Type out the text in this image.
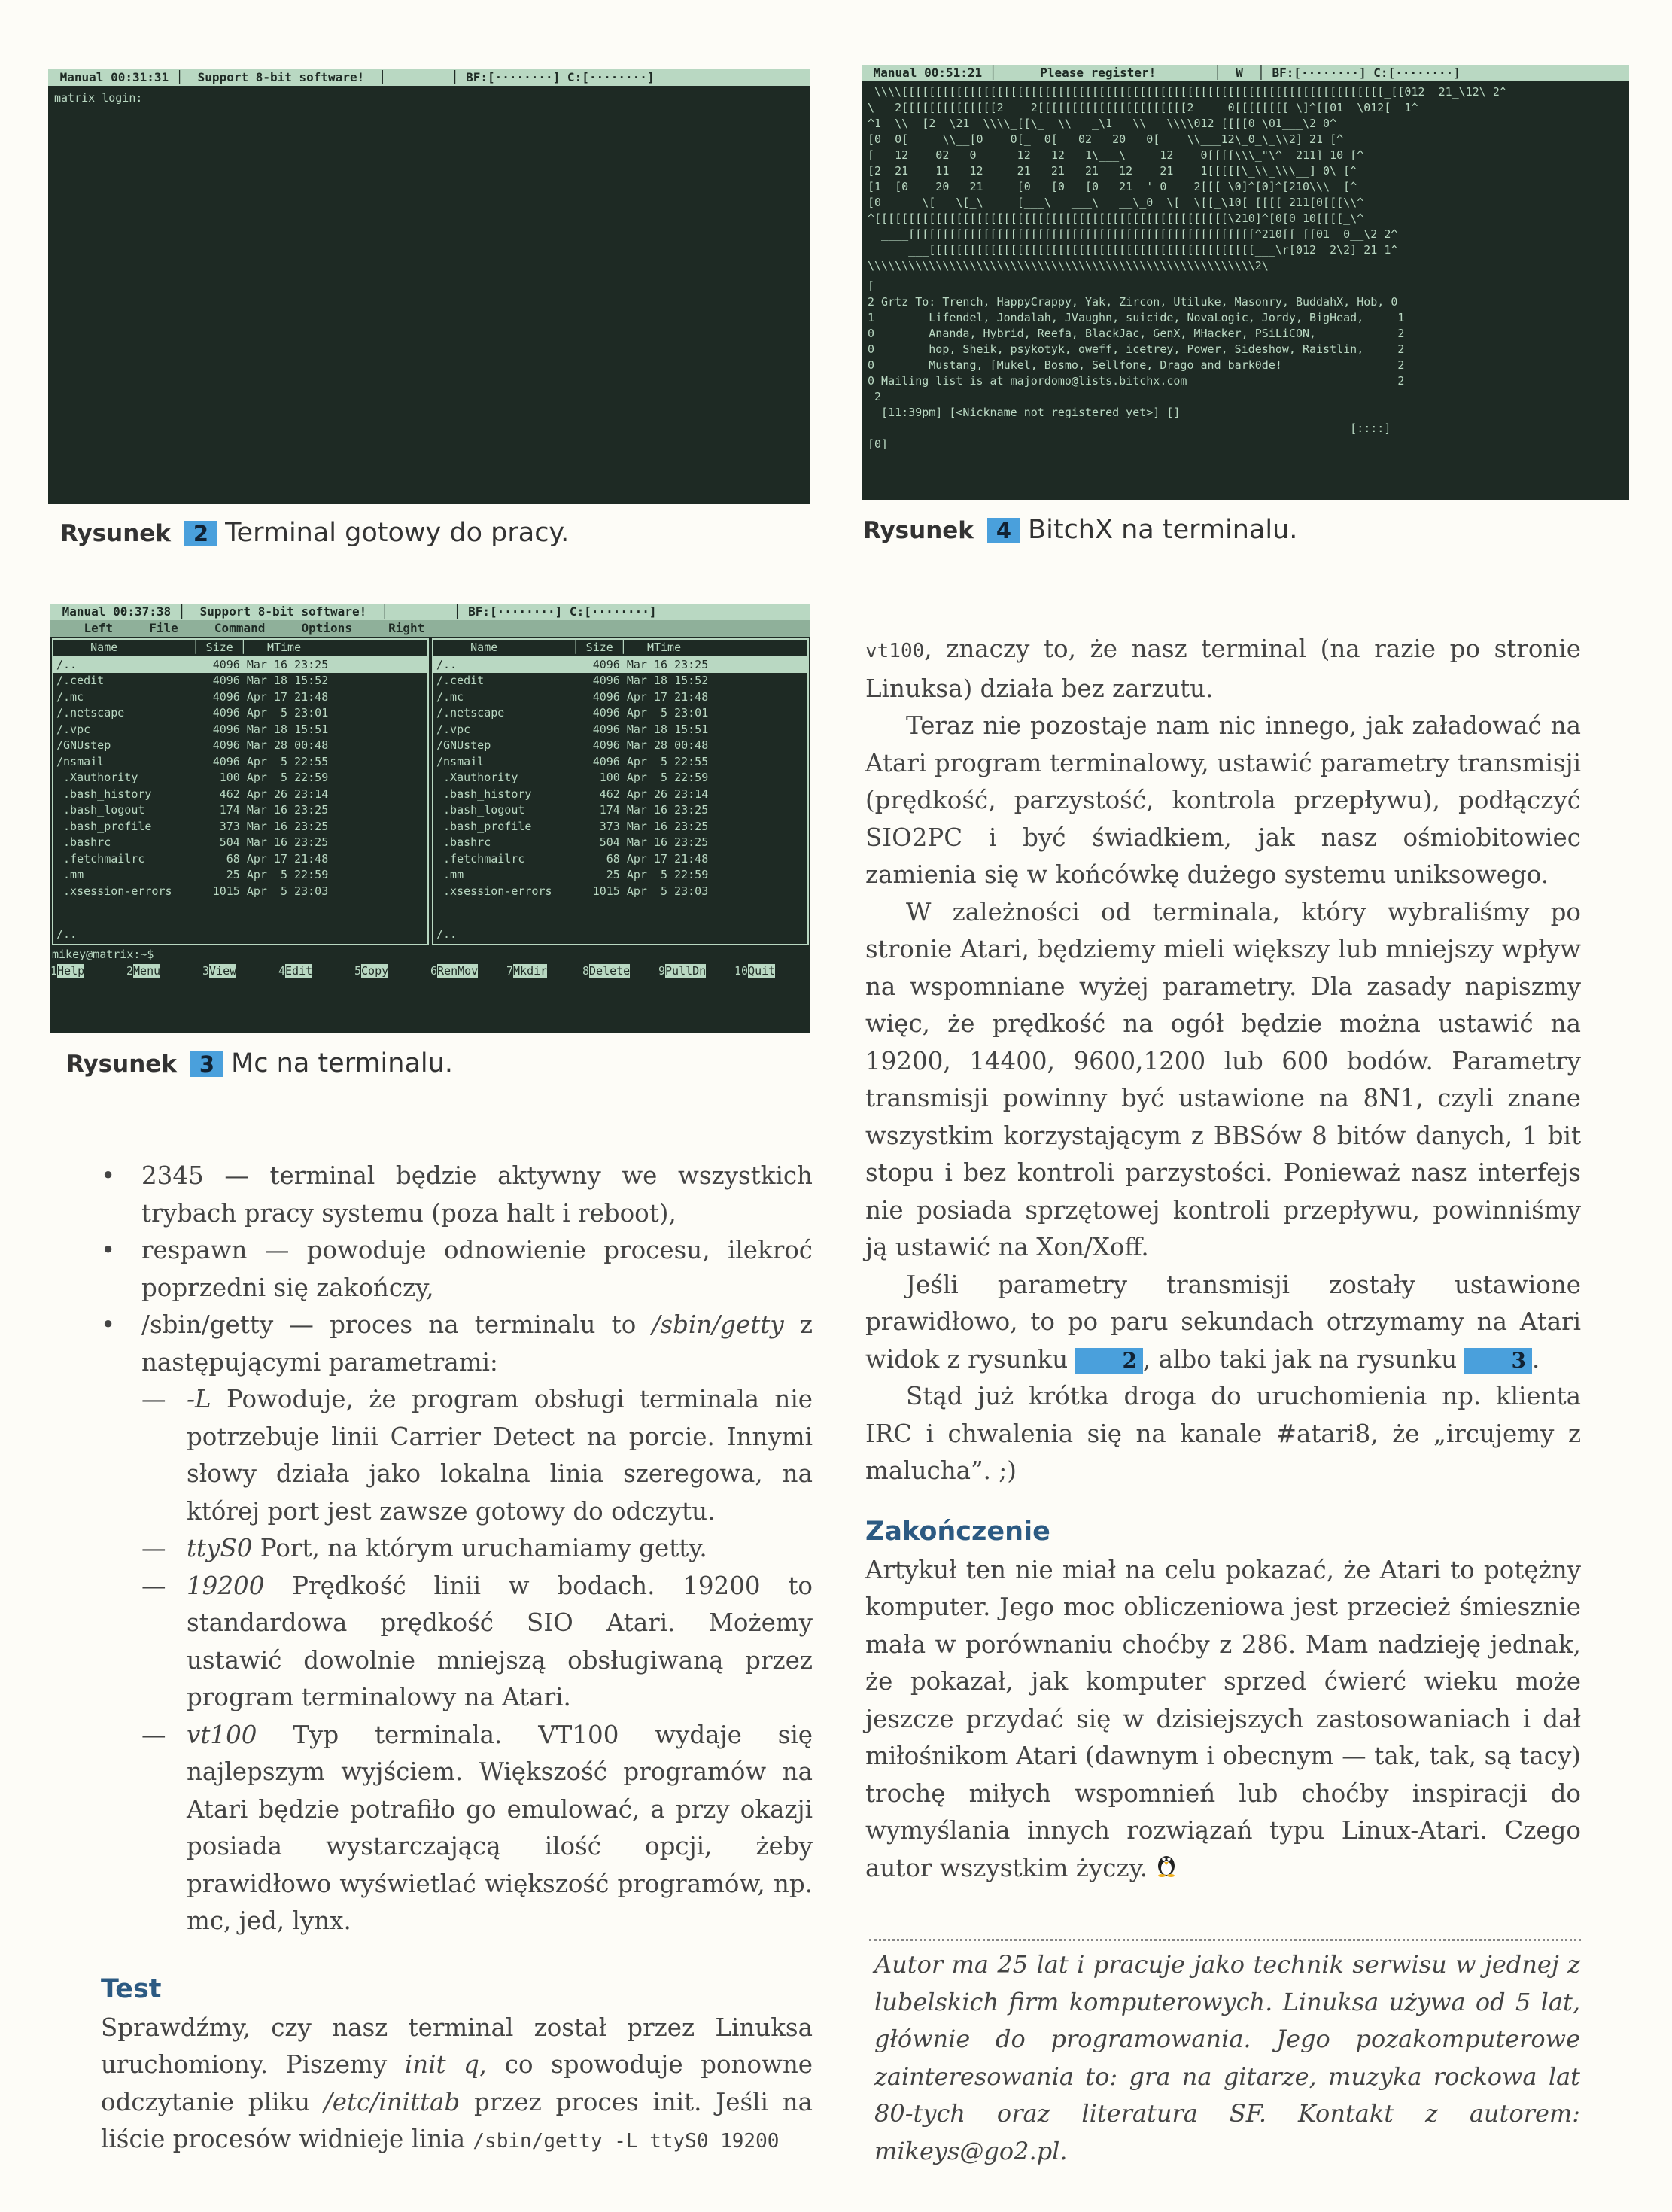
Manual 00:31:31 │  Support 8-bit software!  │         │ BF:[········] C:[········]
matrix login:
Rysunek 2 Terminal gotowy do pracy.
Manual 00:51:21 │      Please register!        │  W  │ BF:[········] C:[········]
\\\\[[[[[[[[[[[[[[[[[[[[[[[[[[[[[[[[[[[[[[[[[[[[[[[[[[[[[[[[[[[[[[[[[[[[[[[_[[012  21_\12\ 2^
\_  2[[[[[[[[[[[[[[2_   2[[[[[[[[[[[[[[[[[[[[[[2_    0[[[[[[[[_\]^[[01  \012[_ 1^
^1  \\  [2  \21  \\\\_[[\_  \\   _\1   \\   \\\\012 [[[[0 \01___\2 0^
[0  0[     \\__[0    0[_  0[   02   20   0[    \\___12\_0_\_\\2] 21 [^
[   12    02   0      12   12   1\___\     12    0[[[[\\\_"\^  211] 10 [^
[2  21    11   12     21   21   21   12    21    1[[[[[\_\\_\\\__] 0\ [^
[1  [0    20   21     [0   [0   [0   21  ' 0    2[[[_\0]^[0]^[210\\\_ [^
[0      \[   \[_\     [___\   ___\   __\_0  \[  \[[_\10[ [[[[ 211[0[[[\\^
^[[[[[[[[[[[[[[[[[[[[[[[[[[[[[[[[[[[[[[[[[[[[[[[[[[[[\210]^[0[0 10[[[[_\^
____[[[[[[[[[[[[[[[[[[[[[[[[[[[[[[[[[[[[[[[[[[[[[[[[[[[^210[[ [[01  0__\2 2^
___[[[[[[[[[[[[[[[[[[[[[[[[[[[[[[[[[[[[[[[[[[[[[[[[___\r[012  2\2] 21 1^
\\\\\\\\\\\\\\\\\\\\\\\\\\\\\\\\\\\\\\\\\\\\\\\\\\\\\\\\\2\
[
2 Grtz To: Trench, HappyCrappy, Yak, Zircon, Utiluke, Masonry, BuddahX, Hob, 0
1        Lifendel, Jondalah, JVaughn, suicide, NovaLogic, Jordy, BigHead,     1
0        Ananda, Hybrid, Reefa, BlackJac, GenX, MHacker, PSiLiCON,            2
0        hop, Sheik, psykotyk, oweff, icetrey, Power, Sideshow, Raistlin,     2
0        Mustang, [Mukel, Bosmo, Sellfone, Drago and bark0de!                 2
0 Mailing list is at majordomo@lists.bitchx.com                               2
_2_____________________________________________________________________________
[11:39pm] [<Nickname not registered yet>] []
[::::]
[0]
Rysunek 4 BitchX na terminalu.
Manual 00:37:38 │  Support 8-bit software!  │         │ BF:[········] C:[········]
Left     File     Command     Options     Right
Name           │ Size │   MTime
/..                    4096 Mar 16 23:25
/.cedit                4096 Mar 18 15:52
/.mc                   4096 Apr 17 21:48
/.netscape             4096 Apr  5 23:01
/.vpc                  4096 Mar 18 15:51
/GNUstep               4096 Mar 28 00:48
/nsmail                4096 Apr  5 22:55
.Xauthority            100 Apr  5 22:59
.bash_history          462 Apr 26 23:14
.bash_logout           174 Mar 16 23:25
.bash_profile          373 Mar 16 23:25
.bashrc                504 Mar 16 23:25
.fetchmailrc            68 Apr 17 21:48
.mm                     25 Apr  5 22:59
.xsession-errors      1015 Apr  5 23:03
/..
Name           │ Size │   MTime
/..                    4096 Mar 16 23:25
/.cedit                4096 Mar 18 15:52
/.mc                   4096 Apr 17 21:48
/.netscape             4096 Apr  5 23:01
/.vpc                  4096 Mar 18 15:51
/GNUstep               4096 Mar 28 00:48
/nsmail                4096 Apr  5 22:55
.Xauthority            100 Apr  5 22:59
.bash_history          462 Apr 26 23:14
.bash_logout           174 Mar 16 23:25
.bash_profile          373 Mar 16 23:25
.bashrc                504 Mar 16 23:25
.fetchmailrc            68 Apr 17 21:48
.mm                     25 Apr  5 22:59
.xsession-errors      1015 Apr  5 23:03
/..
mikey@matrix:~$
1Help	2Menu	3View	4Edit	5Copy	6RenMov	7Mkdir	8Delete	9PullDn	10Quit
Rysunek 3 Mc na terminalu.

• 2345 — terminal będzie aktywny we wszystkich trybach pracy systemu (poza halt i reboot),

• respawn — powoduje odnowienie procesu, ilekroć poprzedni się zakończy,

• /sbin/getty — proces na terminalu to /sbin/getty z następującymi parametrami:

— -L Powoduje, że program obsługi terminala nie potrzebuje linii Carrier Detect na porcie. Innymi słowy działa jako lokalna linia szeregowa, na której port jest zawsze gotowy do odczytu.

— ttyS0 Port, na którym uruchamiamy getty.

— 19200 Prędkość linii w bodach. 19200 to standardowa prędkość SIO Atari. Możemy ustawić dowolnie mniejszą obsługiwaną przez program terminalowy na Atari.

— vt100 Typ terminala. VT100 wydaje się najlepszym wyjściem. Większość programów na Atari będzie potrafiło go emulować, a przy okazji posiada wystarczającą ilość opcji, żeby prawidłowo wyświetlać większość programów, np. mc, jed, lynx.

Test

Sprawdźmy, czy nasz terminal został przez Linuksa uruchomiony. Piszemy init q, co spowoduje ponowne odczytanie pliku /etc/inittab przez proces init. Jeśli na liście procesów widnieje linia /sbin/getty -L ttyS0 19200

vt100, znaczy to, że nasz terminal (na razie po stronie Linuksa) działa bez zarzutu.

Teraz nie pozostaje nam nic innego, jak załadować na Atari program terminalowy, ustawić parametry transmisji (prędkość, parzystość, kontrola przepływu), podłączyć SIO2PC i być świadkiem, jak nasz ośmiobitowiec zamienia się w końcówkę dużego systemu uniksowego.

W zależności od terminala, który wybraliśmy po stronie Atari, będziemy mieli większy lub mniejszy wpływ na wspomniane wyżej parametry. Dla zasady napiszmy więc, że prędkość na ogół będzie można ustawić na 19200, 14400, 9600,1200 lub 600 bodów. Parametry transmisji powinny być ustawione na 8N1, czyli znane wszystkim korzystającym z BBSów 8 bitów danych, 1 bit stopu i bez kontroli parzystości. Ponieważ nasz interfejs nie posiada sprzętowej kontroli przepływu, powinniśmy ją ustawić na Xon/Xoff.

Jeśli parametry transmisji zostały ustawione prawidłowo, to po paru sekundach otrzymamy na Atari widok z rysunku 2 , albo taki jak na rysunku 3 .

Stąd już krótka droga do uruchomienia np. klienta IRC i chwalenia się na kanale #atari8, że „ircujemy z malucha”. ;)

Zakończenie

Artykuł ten nie miał na celu pokazać, że Atari to potężny komputer. Jego moc obliczeniowa jest przecież śmiesznie mała w porównaniu choćby z 286. Mam nadzieję jednak, że pokazał, jak komputer sprzed ćwierć wieku może jeszcze przydać się w dzisiejszych zastosowaniach i dał miłośnikom Atari (dawnym i obecnym — tak, tak, są tacy) trochę miłych wspomnień lub choćby inspiracji do wymyślania innych rozwiązań typu Linux-Atari. Czego autor wszystkim życzy.

Autor ma 25 lat i pracuje jako technik serwisu w jednej z lubelskich firm komputerowych. Linuksa używa od 5 lat, głównie do programowania. Jego pozakomputerowe zainteresowania to: gra na gitarze, muzyka rockowa lat 80-tych oraz literatura SF. Kontakt z autorem: mikeys@go2.pl.
